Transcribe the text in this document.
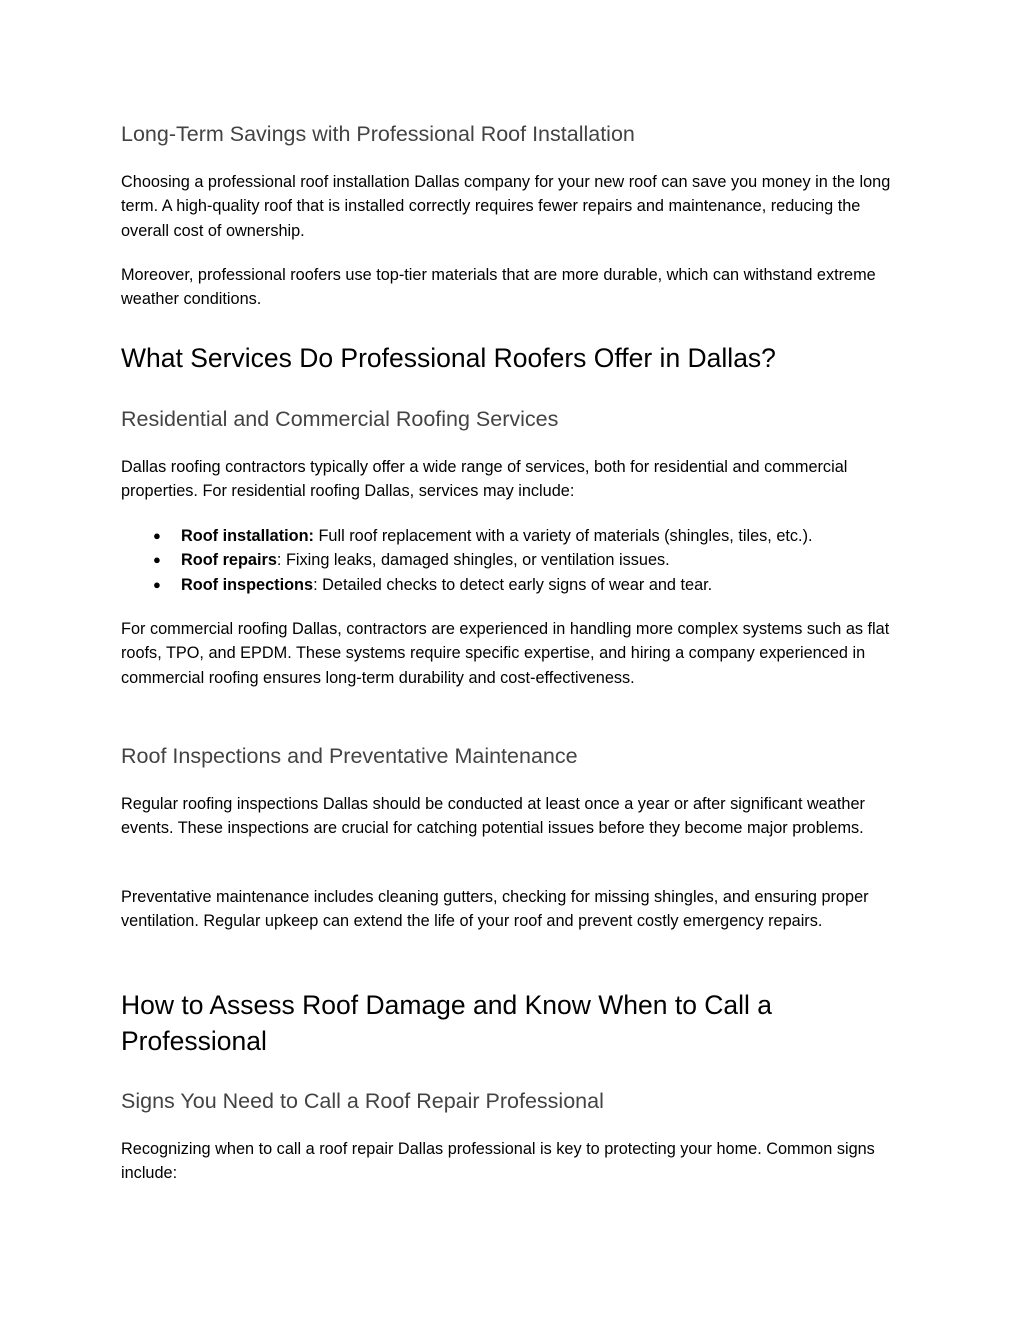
Long-Term Savings with Professional Roof Installation

Choosing a professional roof installation Dallas company for your new roof can save you money in the long term. A high-quality roof that is installed correctly requires fewer repairs and maintenance, reducing the overall cost of ownership.

Moreover, professional roofers use top-tier materials that are more durable, which can withstand extreme weather conditions.

What Services Do Professional Roofers Offer in Dallas?
Residential and Commercial Roofing Services

Dallas roofing contractors typically offer a wide range of services, both for residential and commercial properties. For residential roofing Dallas, services may include:

● Roof installation: Full roof replacement with a variety of materials (shingles, tiles, etc.).
● Roof repairs: Fixing leaks, damaged shingles, or ventilation issues.
● Roof inspections: Detailed checks to detect early signs of wear and tear.

For commercial roofing Dallas, contractors are experienced in handling more complex systems such as flat roofs, TPO, and EPDM. These systems require specific expertise, and hiring a company experienced in commercial roofing ensures long-term durability and cost-effectiveness.

Roof Inspections and Preventative Maintenance

Regular roofing inspections Dallas should be conducted at least once a year or after significant weather events. These inspections are crucial for catching potential issues before they become major problems.

Preventative maintenance includes cleaning gutters, checking for missing shingles, and ensuring proper ventilation. Regular upkeep can extend the life of your roof and prevent costly emergency repairs.

How to Assess Roof Damage and Know When to Call a Professional
Signs You Need to Call a Roof Repair Professional

Recognizing when to call a roof repair Dallas professional is key to protecting your home. Common signs include:
